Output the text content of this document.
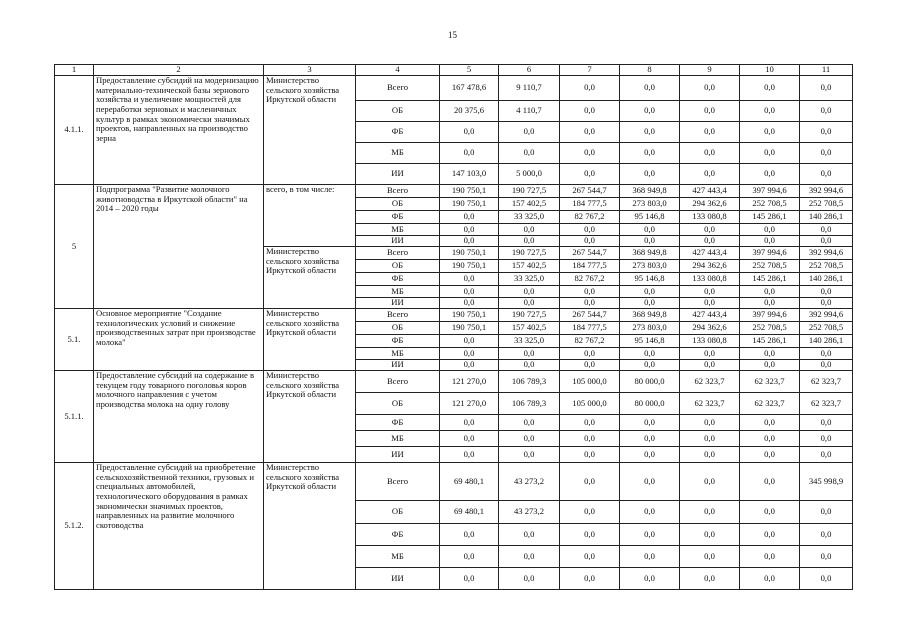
15
1	2	3	4	5	6	7	8	9	10	11
4.1.1.	Предоставление субсидий на модернизацию материально-технической базы зернового хозяйства и увеличение мощностей для переработки зерновых и масленичных культур в рамках экономически значимых проектов, направленных на производство зерна	Министерство сельского хозяйства Иркутской области	Всего	167 478,6	9 110,7	0,0	0,0	0,0	0,0	0,0
			ОБ	20 375,6	4 110,7	0,0	0,0	0,0	0,0	0,0
			ФБ	0,0	0,0	0,0	0,0	0,0	0,0	0,0
			МБ	0,0	0,0	0,0	0,0	0,0	0,0	0,0
			ИИ	147 103,0	5 000,0	0,0	0,0	0,0	0,0	0,0
5	Подпрограмма "Развитие молочного животноводства в Иркутской области" на 2014 – 2020 годы	всего, в том числе:	Всего	190 750,1	190 727,5	267 544,7	368 949,8	427 443,4	397 994,6	392 994,6
			ОБ	190 750,1	157 402,5	184 777,5	273 803,0	294 362,6	252 708,5	252 708,5
			ФБ	0,0	33 325,0	82 767,2	95 146,8	133 080,8	145 286,1	140 286,1
			МБ	0,0	0,0	0,0	0,0	0,0	0,0	0,0
			ИИ	0,0	0,0	0,0	0,0	0,0	0,0	0,0
		Министерство сельского хозяйства Иркутской области	Всего	190 750,1	190 727,5	267 544,7	368 949,8	427 443,4	397 994,6	392 994,6
			ОБ	190 750,1	157 402,5	184 777,5	273 803,0	294 362,6	252 708,5	252 708,5
			ФБ	0,0	33 325,0	82 767,2	95 146,8	133 080,8	145 286,1	140 286,1
			МБ	0,0	0,0	0,0	0,0	0,0	0,0	0,0
			ИИ	0,0	0,0	0,0	0,0	0,0	0,0	0,0
5.1.	Основное мероприятие "Создание технологических условий и снижение производственных затрат при производстве молока"	Министерство сельского хозяйства Иркутской области	Всего	190 750,1	190 727,5	267 544,7	368 949,8	427 443,4	397 994,6	392 994,6
			ОБ	190 750,1	157 402,5	184 777,5	273 803,0	294 362,6	252 708,5	252 708,5
			ФБ	0,0	33 325,0	82 767,2	95 146,8	133 080,8	145 286,1	140 286,1
			МБ	0,0	0,0	0,0	0,0	0,0	0,0	0,0
			ИИ	0,0	0,0	0,0	0,0	0,0	0,0	0,0
5.1.1.	Предоставление субсидий на содержание в текущем году товарного поголовья коров молочного направления с учетом производства молока на одну голову	Министерство сельского хозяйства Иркутской области	Всего	121 270,0	106 789,3	105 000,0	80 000,0	62 323,7	62 323,7	62 323,7
			ОБ	121 270,0	106 789,3	105 000,0	80 000,0	62 323,7	62 323,7	62 323,7
			ФБ	0,0	0,0	0,0	0,0	0,0	0,0	0,0
			МБ	0,0	0,0	0,0	0,0	0,0	0,0	0,0
			ИИ	0,0	0,0	0,0	0,0	0,0	0,0	0,0
5.1.2.	Предоставление субсидий на приобретение сельскохозяйственной техники, грузовых и специальных автомобилей, технологического оборудования в рамках экономически значимых проектов, направленных на развитие молочного скотоводства	Министерство сельского хозяйства Иркутской области	Всего	69 480,1	43 273,2	0,0	0,0	0,0	0,0	345 998,9
			ОБ	69 480,1	43 273,2	0,0	0,0	0,0	0,0	0,0
			ФБ	0,0	0,0	0,0	0,0	0,0	0,0	0,0
			МБ	0,0	0,0	0,0	0,0	0,0	0,0	0,0
			ИИ	0,0	0,0	0,0	0,0	0,0	0,0	0,0
